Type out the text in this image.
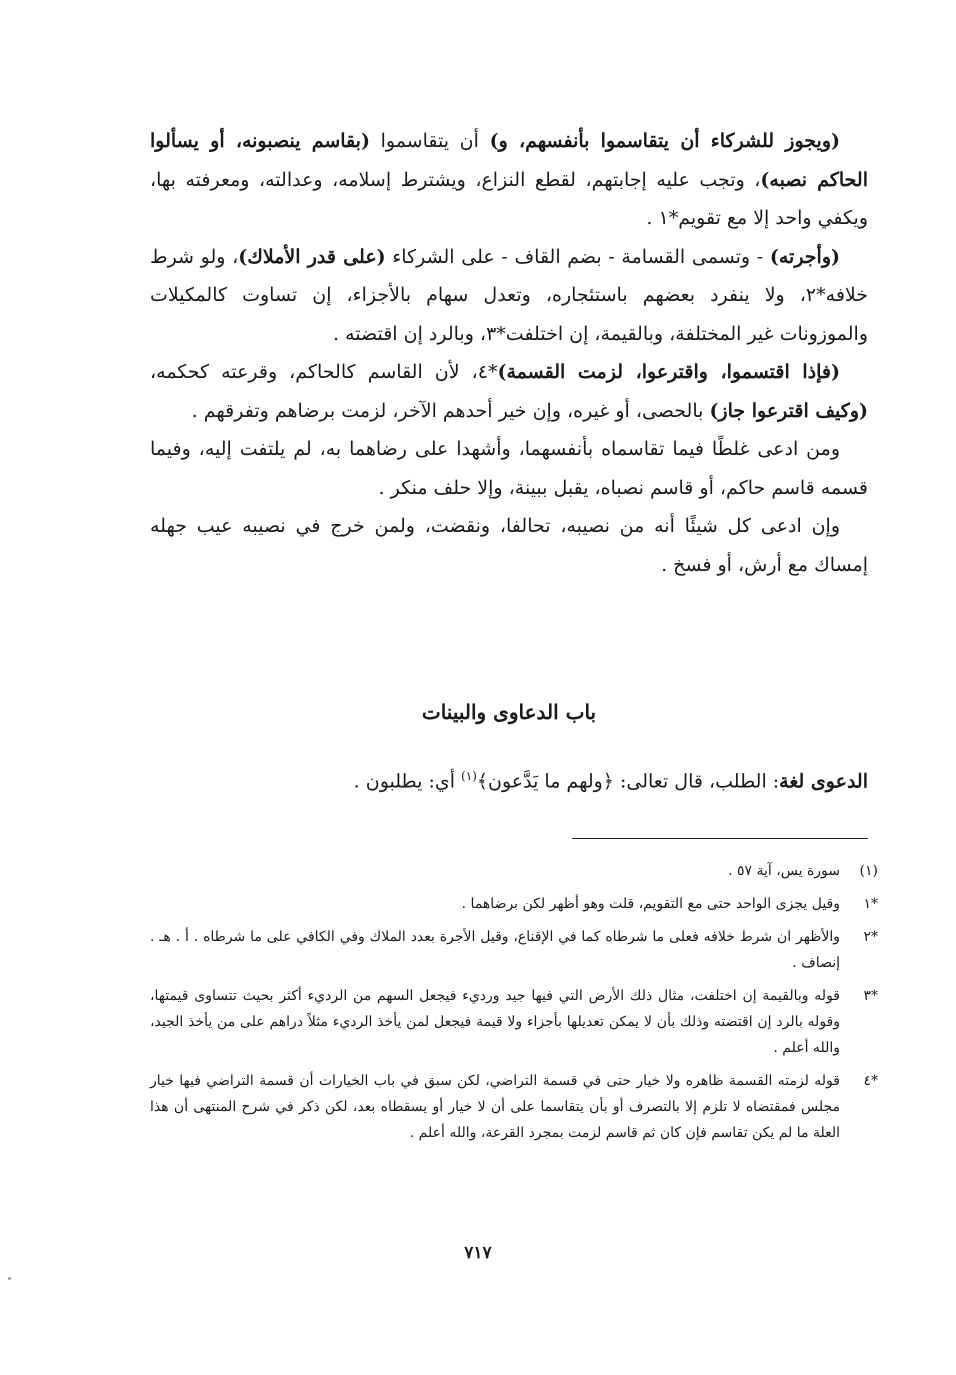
(ويجوز للشركاء أن يتقاسموا بأنفسهم، و) أن يتقاسموا (بقاسم ينصبونه، أو يسألوا الحاكم نصبه)، وتجب عليه إجابتهم، لقطع النزاع، ويشترط إسلامه، وعدالته، ومعرفته بها، ويكفي واحد إلا مع تقويم*١ .

(وأجرته) - وتسمى القسامة - بضم القاف - على الشركاء (على قدر الأملاك)، ولو شرط خلافه*٢، ولا ينفرد بعضهم باستئجاره، وتعدل سهام بالأجزاء، إن تساوت كالمكيلات والموزونات غير المختلفة، وبالقيمة، إن اختلفت*٣، وبالرد إن اقتضته .

(فإذا اقتسموا، واقترعوا، لزمت القسمة)*٤، لأن القاسم كالحاكم، وقرعته كحكمه، (وكيف اقترعوا جاز) بالحصى، أو غيره، وإن خير أحدهم الآخر، لزمت برضاهم وتفرقهم .

ومن ادعى غلطًا فيما تقاسماه بأنفسهما، وأشهدا على رضاهما به، لم يلتفت إليه، وفيما قسمه قاسم حاكم، أو قاسم نصباه، يقبل ببينة، وإلا حلف منكر .

وإن ادعى كل شيئًا أنه من نصيبه، تحالفا، ونقضت، ولمن خرج في نصيبه عيب جهله إمساك مع أرش، أو فسخ .

باب الدعاوى والبينات
الدعوى لغة: الطلب، قال تعالى: ﴿ولهم ما يَدَّعون﴾$^{(١)}$ أي: يطلبون .
(١)
سورة يس، آية ٥٧ .
*١
وقيل يجزى الواحد حتى مع التقويم، قلت وهو أظهر لكن برضاهما .
*٢
والأظهر ان شرط خلافه فعلى ما شرطاه كما في الإقناع، وقيل الأجرة بعدد الملاك وفي الكافي على ما شرطاه . أ . هـ . إنصاف .
*٣
قوله وبالقيمة إن اختلفت، مثال ذلك الأرض التي فيها جيد ورديء فيجعل السهم من الرديء أكثر بحيث تتساوى قيمتها، وقوله بالرد إن اقتضته وذلك بأن لا يمكن تعديلها بأجزاء ولا قيمة فيجعل لمن يأخذ الرديء مثلاً دراهم على من يأخذ الجيد، والله أعلم .
*٤
قوله لزمته القسمة ظاهره ولا خيار حتى في قسمة التراضي، لكن سبق في باب الخيارات أن قسمة التراضي فيها خيار مجلس فمقتضاه لا تلزم إلا بالتصرف أو بأن يتقاسما على أن لا خيار أو يسقطاه بعد، لكن ذكر في شرح المنتهى أن هذا العلة ما لم يكن تقاسم فإن كان ثم قاسم لزمت بمجرد القرعة، والله أعلم .
٧١٧
